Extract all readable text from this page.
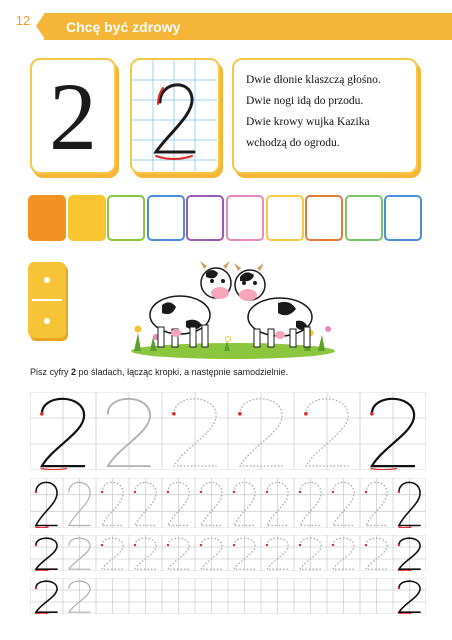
12	Chcę być zdrowy
2	Dwie dłonie klaszczą głośno.
Dwie nogi idą do przodu.
Dwie krowy wujka Kazika
wchodzą do ogrodu.
Pisz cyfry 2 po śladach, łącząc kropki, a następnie samodzielnie.
